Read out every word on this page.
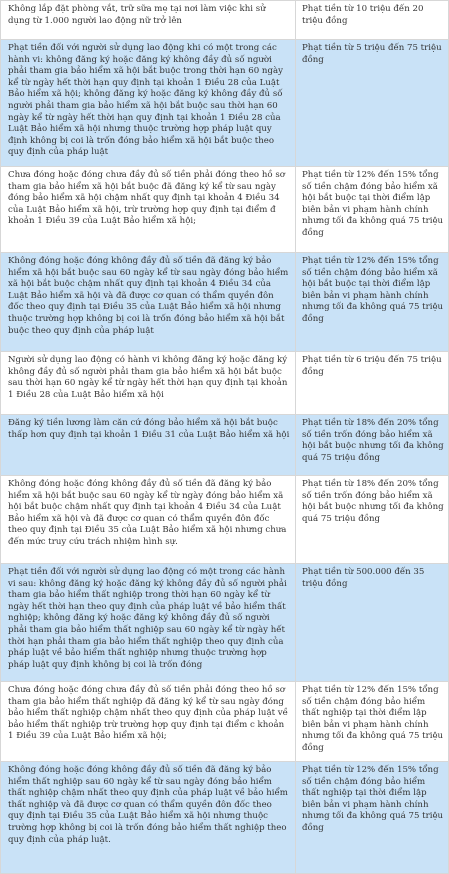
Không lắp đặt phòng vắt, trữ sữa mẹ tại nơi làm việc khi sử dụng từ 1.000 người lao động nữ trở lên
Phạt tiền từ 10 triệu đến 20 triệu đồng
Phạt tiền đối với người sử dụng lao động khi có một trong các hành vi: không đăng ký hoặc đăng ký không đầy đủ số người phải tham gia bảo hiểm xã hội bắt buộc trong thời hạn 60 ngày kể từ ngày hết thời hạn quy định tại khoản 1 Điều 28 của Luật Bảo hiểm xã hội; không đăng ký hoặc đăng ký không đầy đủ số người phải tham gia bảo hiểm xã hội bắt buộc sau thời hạn 60 ngày kể từ ngày hết thời hạn quy định tại khoản 1 Điều 28 của Luật Bảo hiểm xã hội nhưng thuộc trường hợp pháp luật quy định không bị coi là trốn đóng bảo hiểm xã hội bắt buộc theo quy định của pháp luật
Phạt tiền từ 5 triệu đến 75 triệu đồng
Chưa đóng hoặc đóng chưa đầy đủ số tiền phải đóng theo hồ sơ tham gia bảo hiểm xã hội bắt buộc đã đăng ký kể từ sau ngày đóng bảo hiểm xã hội chậm nhất quy định tại khoản 4 Điều 34 của Luật Bảo hiểm xã hội, trừ trường hợp quy định tại điểm đ khoản 1 Điều 39 của Luật Bảo hiểm xã hội;
Phạt tiền từ 12% đến 15% tổng số tiền chậm đóng bảo hiểm xã hội bắt buộc tại thời điểm lập biên bản vi phạm hành chính nhưng tối đa không quá 75 triệu đồng
Không đóng hoặc đóng không đầy đủ số tiền đã đăng ký bảo hiểm xã hội bắt buộc sau 60 ngày kể từ sau ngày đóng bảo hiểm xã hội bắt buộc chậm nhất quy định tại khoản 4 Điều 34 của Luật Bảo hiểm xã hội và đã được cơ quan có thẩm quyền đôn đốc theo quy định tại Điều 35 của Luật Bảo hiểm xã hội nhưng thuộc trường hợp không bị coi là trốn đóng bảo hiểm xã hội bắt buộc theo quy định của pháp luật
Phạt tiền từ 12% đến 15% tổng số tiền chậm đóng bảo hiểm xã hội bắt buộc tại thời điểm lập biên bản vi phạm hành chính nhưng tối đa không quá 75 triệu đồng
Người sử dụng lao động có hành vi không đăng ký hoặc đăng ký không đầy đủ số người phải tham gia bảo hiểm xã hội bắt buộc sau thời hạn 60 ngày kể từ ngày hết thời hạn quy định tại khoản 1 Điều 28 của Luật Bảo hiểm xã hội
Phạt tiền từ 6 triệu đến 75 triệu đồng
Đăng ký tiền lương làm căn cứ đóng bảo hiểm xã hội bắt buộc thấp hơn quy định tại khoản 1 Điều 31 của Luật Bảo hiểm xã hội
Phạt tiền từ 18% đến 20% tổng số tiền trốn đóng bảo hiểm xã hội bắt buộc nhưng tối đa không quá 75 triệu đồng
Không đóng hoặc đóng không đầy đủ số tiền đã đăng ký bảo hiểm xã hội bắt buộc sau 60 ngày kể từ ngày đóng bảo hiểm xã hội bắt buộc chậm nhất quy định tại khoản 4 Điều 34 của Luật Bảo hiểm xã hội và đã được cơ quan có thẩm quyền đôn đốc theo quy định tại Điều 35 của Luật Bảo hiểm xã hội nhưng chưa đến mức truy cứu trách nhiệm hình sự.
Phạt tiền từ 18% đến 20% tổng số tiền trốn đóng bảo hiểm xã hội bắt buộc nhưng tối đa không quá 75 triệu đồng
Phạt tiền đối với người sử dụng lao động có một trong các hành vi sau: không đăng ký hoặc đăng ký không đầy đủ số người phải tham gia bảo hiểm thất nghiệp trong thời hạn 60 ngày kể từ ngày hết thời hạn theo quy định của pháp luật về bảo hiểm thất nghiệp; không đăng ký hoặc đăng ký không đầy đủ số người phải tham gia bảo hiểm thất nghiệp sau 60 ngày kể từ ngày hết thời hạn phải tham gia bảo hiểm thất nghiệp theo quy định của pháp luật về bảo hiểm thất nghiệp nhưng thuộc trường hợp pháp luật quy định không bị coi là trốn đóng
Phạt tiền từ 500.000 đến 35 triệu đồng
Chưa đóng hoặc đóng chưa đầy đủ số tiền phải đóng theo hồ sơ tham gia bảo hiểm thất nghiệp đã đăng ký kể từ sau ngày đóng bảo hiểm thất nghiệp chậm nhất theo quy định của pháp luật về bảo hiểm thất nghiệp trừ trường hợp quy định tại điểm c khoản 1 Điều 39 của Luật Bảo hiểm xã hội;
Phạt tiền từ 12% đến 15% tổng số tiền chậm đóng bảo hiểm thất nghiệp tại thời điểm lập biên bản vi phạm hành chính nhưng tối đa không quá 75 triệu đồng
Không đóng hoặc đóng không đầy đủ số tiền đã đăng ký bảo hiểm thất nghiệp sau 60 ngày kể từ sau ngày đóng bảo hiểm thất nghiệp chậm nhất theo quy định của pháp luật về bảo hiểm thất nghiệp và đã được cơ quan có thẩm quyền đôn đốc theo quy định tại Điều 35 của Luật Bảo hiểm xã hội nhưng thuộc trường hợp không bị coi là trốn đóng bảo hiểm thất nghiệp theo quy định của pháp luật.
Phạt tiền từ 12% đến 15% tổng số tiền chậm đóng bảo hiểm thất nghiệp tại thời điểm lập biên bản vi phạm hành chính nhưng tối đa không quá 75 triệu đồng
